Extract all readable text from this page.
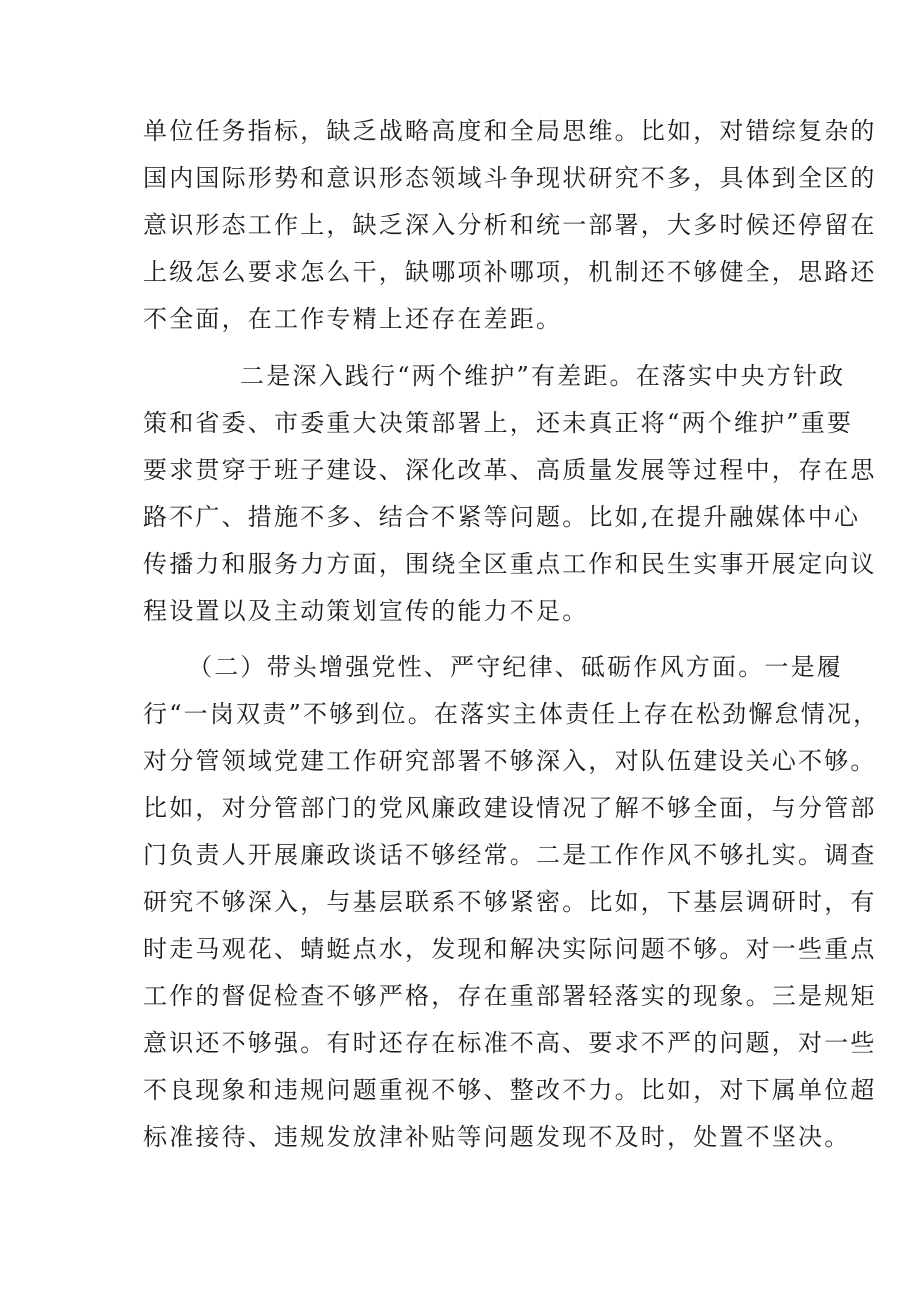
单位任务指标，缺乏战略高度和全局思维。比如，对错综复杂的
国内国际形势和意识形态领域斗争现状研究不多，具体到全区的
意识形态工作上，缺乏深入分析和统一部署，大多时候还停留在
上级怎么要求怎么干，缺哪项补哪项，机制还不够健全，思路还
不全面，在工作专精上还存在差距。
二是深入践行“两个维护”有差距。在落实中央方针政
策和省委、市委重大决策部署上，还未真正将“两个维护”重要
要求贯穿于班子建设、深化改革、高质量发展等过程中，存在思
路不广、措施不多、结合不紧等问题。比如,在提升融媒体中心
传播力和服务力方面，围绕全区重点工作和民生实事开展定向议
程设置以及主动策划宣传的能力不足。
（二）带头增强党性、严守纪律、砥砺作风方面。一是履
行“一岗双责”不够到位。在落实主体责任上存在松劲懈怠情况，
对分管领域党建工作研究部署不够深入，对队伍建设关心不够。
比如，对分管部门的党风廉政建设情况了解不够全面，与分管部
门负责人开展廉政谈话不够经常。二是工作作风不够扎实。调查
研究不够深入，与基层联系不够紧密。比如，下基层调研时，有
时走马观花、蜻蜓点水，发现和解决实际问题不够。对一些重点
工作的督促检查不够严格，存在重部署轻落实的现象。三是规矩
意识还不够强。有时还存在标准不高、要求不严的问题，对一些
不良现象和违规问题重视不够、整改不力。比如，对下属单位超
标准接待、违规发放津补贴等问题发现不及时，处置不坚决。
